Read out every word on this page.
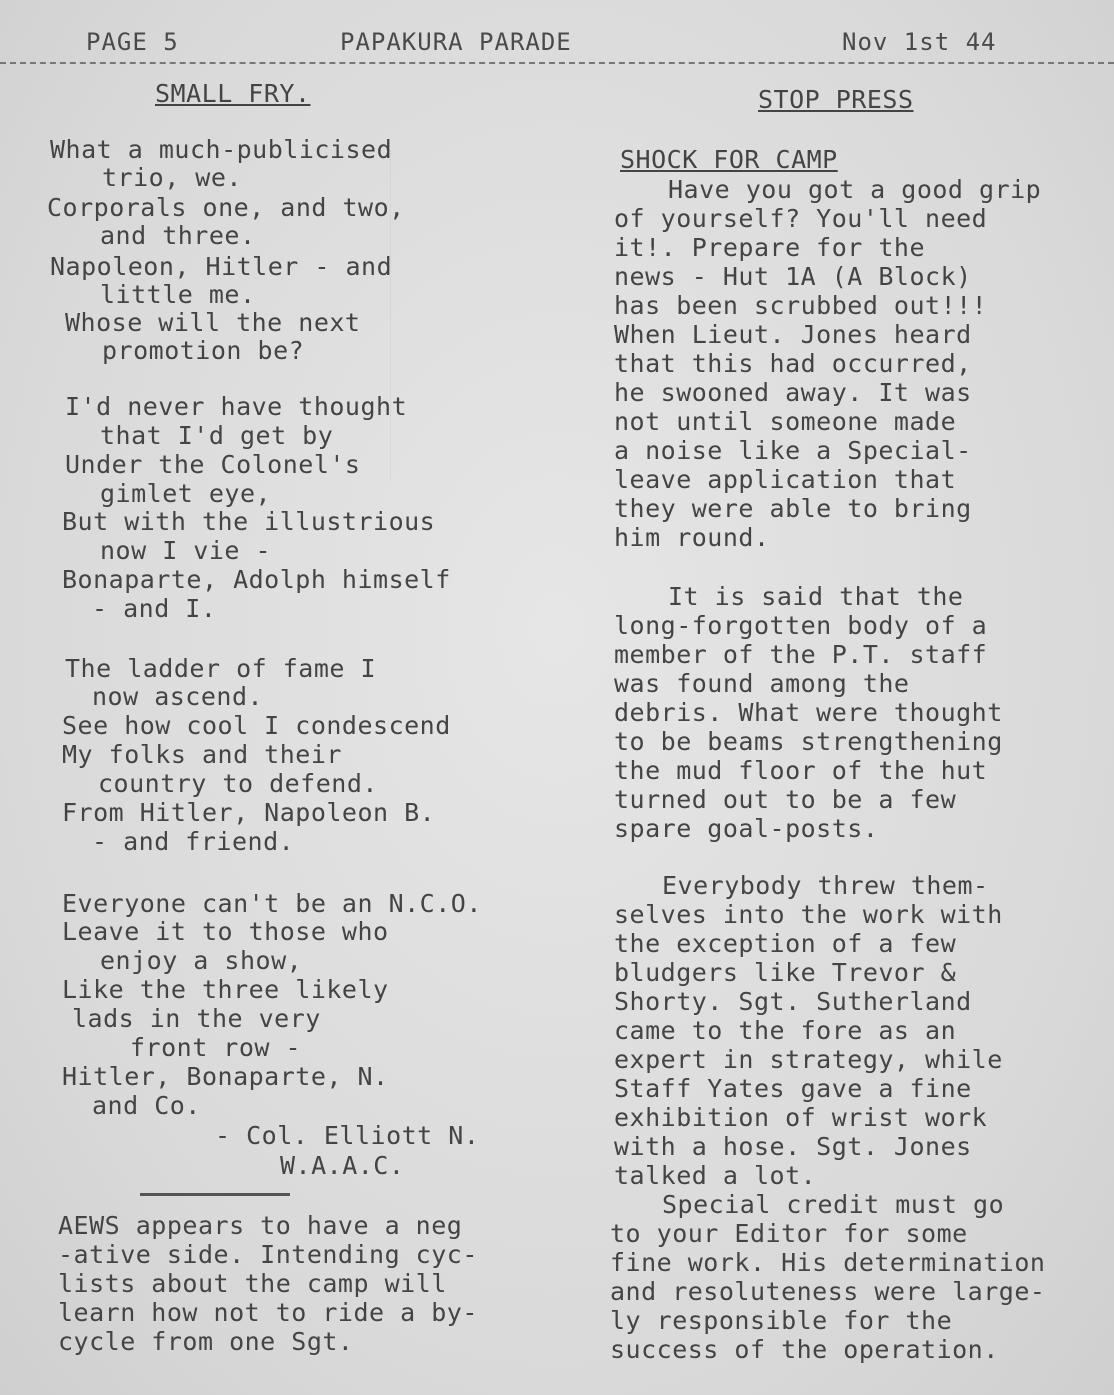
PAGE 5	PAPAKURA PARADE	Nov 1st 44
SMALL FRY.
What a much-publicised
trio, we.
Corporals one, and two,
and three.
Napoleon, Hitler - and
little me.
Whose will the next
promotion be?
I'd never have thought
that I'd get by
Under the Colonel's
gimlet eye,
But with the illustrious
now I vie -
Bonaparte, Adolph himself
- and I.
The ladder of fame I
now ascend.
See how cool I condescend
My folks and their
country to defend.
From Hitler, Napoleon B.
- and friend.
Everyone can't be an N.C.O.
Leave it to those who
enjoy a show,
Like the three likely
lads in the very
front row -
Hitler, Bonaparte, N.
and Co.
- Col. Elliott N.
W.A.A.C.
AEWS appears to have a neg
-ative side. Intending cyc-
lists about the camp will
learn how not to ride a by-
cycle from one Sgt.
STOP PRESS
SHOCK FOR CAMP
Have you got a good grip
of yourself? You'll need
it!. Prepare for the
news - Hut 1A (A Block)
has been scrubbed out!!!
When Lieut. Jones heard
that this had occurred,
he swooned away. It was
not until someone made
a noise like a Special-
leave application that
they were able to bring
him round.
It is said that the
long-forgotten body of a
member of the P.T. staff
was found among the
debris. What were thought
to be beams strengthening
the mud floor of the hut
turned out to be a few
spare goal-posts.
Everybody threw them-
selves into the work with
the exception of a few
bludgers like Trevor &
Shorty. Sgt. Sutherland
came to the fore as an
expert in strategy, while
Staff Yates gave a fine
exhibition of wrist work
with a hose. Sgt. Jones
talked a lot.
Special credit must go
to your Editor for some
fine work. His determination
and resoluteness were large-
ly responsible for the
success of the operation.
